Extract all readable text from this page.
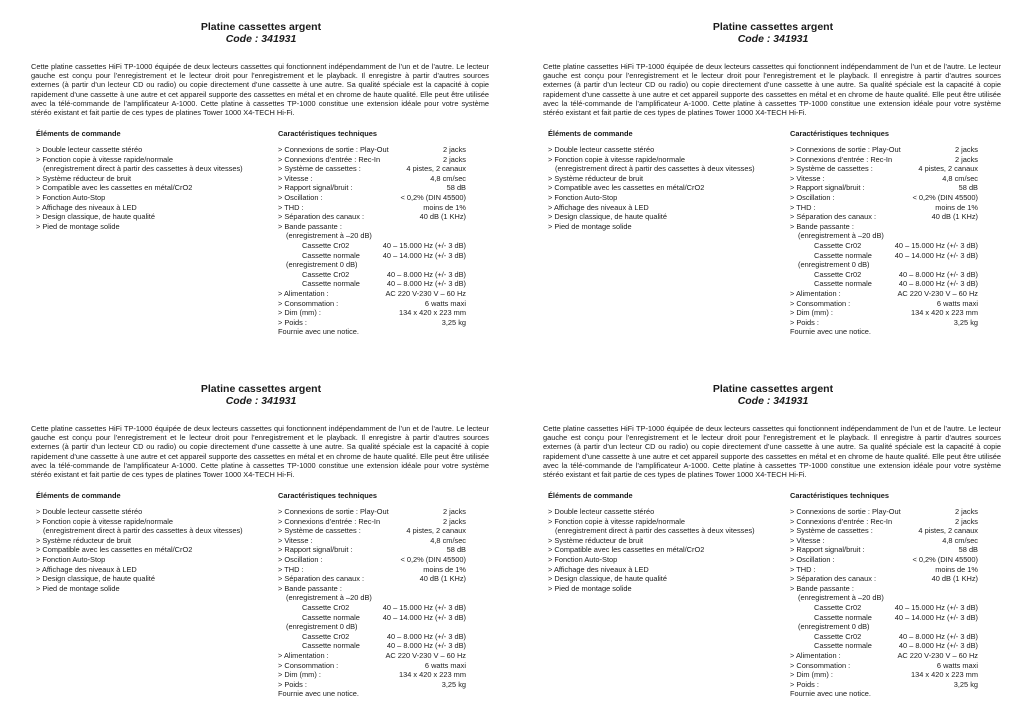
Platine cassettes argent
Code : 341931
Cette platine cassettes HiFi TP-1000 équipée de deux lecteurs cassettes qui fonctionnent indépendamment de l’un et de l’autre. Le lecteur gauche est conçu pour l’enregistrement et le lecteur droit pour l’enregistrement et le playback. Il enregistre à partir d’autres sources externes (à partir d’un lecteur CD ou radio) ou copie directement d’une cassette à une autre. Sa qualité spéciale est la capacité à copie rapidement d’une cassette à une autre et cet appareil supporte des cassettes en métal et en chrome de haute qualité. Elle peut être utilisée avec la télé-commande de l’amplificateur A-1000. Cette platine à cassettes TP-1000 constitue une extension idéale pour votre système stéréo existant et fait partie de ces types de platines Tower 1000 X4-TECH Hi-Fi.
Éléments de commande	Caractéristiques techniques
> Double lecteur cassette stéréo
> Fonction copie à vitesse rapide/normale
(enregistrement direct à partir des cassettes à deux vitesses)
> Système réducteur de bruit
> Compatible avec les cassettes en métal/CrO2
> Fonction Auto-Stop
> Affichage des niveaux à LED
> Design classique, de haute qualité
> Pied de montage solide
> Connexions de sortie : Play-Out	2 jacks
> Connexions d’entrée : Rec-In	2 jacks
> Système de cassettes :	4 pistes, 2 canaux
> Vitesse :	4,8 cm/sec
> Rapport signal/bruit :	58 dB
> Oscillation :	< 0,2% (DIN 45500)
> THD :	moins de 1%
> Séparation des canaux :	40 dB (1 KHz)
> Bande passante :
(enregistrement à –20 dB)
Cassette Cr02	40 – 15.000 Hz (+/- 3 dB)
Cassette normale	40 – 14.000 Hz (+/- 3 dB)
(enregistrement 0 dB)
Cassette Cr02	40 – 8.000 Hz (+/- 3 dB)
Cassette normale	40 – 8.000 Hz (+/- 3 dB)
> Alimentation :	AC 220 V-230 V – 60 Hz
> Consommation :	6 watts maxi
> Dim (mm) :	134 x 420 x 223 mm
> Poids :	3,25 kg
Fournie avec une notice.
Platine cassettes argent
Code : 341931
Cette platine cassettes HiFi TP-1000 équipée de deux lecteurs cassettes qui fonctionnent indépendamment de l’un et de l’autre. Le lecteur gauche est conçu pour l’enregistrement et le lecteur droit pour l’enregistrement et le playback. Il enregistre à partir d’autres sources externes (à partir d’un lecteur CD ou radio) ou copie directement d’une cassette à une autre. Sa qualité spéciale est la capacité à copie rapidement d’une cassette à une autre et cet appareil supporte des cassettes en métal et en chrome de haute qualité. Elle peut être utilisée avec la télé-commande de l’amplificateur A-1000. Cette platine à cassettes TP-1000 constitue une extension idéale pour votre système stéréo existant et fait partie de ces types de platines Tower 1000 X4-TECH Hi-Fi.
Éléments de commande	Caractéristiques techniques
> Double lecteur cassette stéréo
> Fonction copie à vitesse rapide/normale
(enregistrement direct à partir des cassettes à deux vitesses)
> Système réducteur de bruit
> Compatible avec les cassettes en métal/CrO2
> Fonction Auto-Stop
> Affichage des niveaux à LED
> Design classique, de haute qualité
> Pied de montage solide
> Connexions de sortie : Play-Out	2 jacks
> Connexions d’entrée : Rec-In	2 jacks
> Système de cassettes :	4 pistes, 2 canaux
> Vitesse :	4,8 cm/sec
> Rapport signal/bruit :	58 dB
> Oscillation :	< 0,2% (DIN 45500)
> THD :	moins de 1%
> Séparation des canaux :	40 dB (1 KHz)
> Bande passante :
(enregistrement à –20 dB)
Cassette Cr02	40 – 15.000 Hz (+/- 3 dB)
Cassette normale	40 – 14.000 Hz (+/- 3 dB)
(enregistrement 0 dB)
Cassette Cr02	40 – 8.000 Hz (+/- 3 dB)
Cassette normale	40 – 8.000 Hz (+/- 3 dB)
> Alimentation :	AC 220 V-230 V – 60 Hz
> Consommation :	6 watts maxi
> Dim (mm) :	134 x 420 x 223 mm
> Poids :	3,25 kg
Fournie avec une notice.
Platine cassettes argent
Code : 341931
Cette platine cassettes HiFi TP-1000 équipée de deux lecteurs cassettes qui fonctionnent indépendamment de l’un et de l’autre. Le lecteur gauche est conçu pour l’enregistrement et le lecteur droit pour l’enregistrement et le playback. Il enregistre à partir d’autres sources externes (à partir d’un lecteur CD ou radio) ou copie directement d’une cassette à une autre. Sa qualité spéciale est la capacité à copie rapidement d’une cassette à une autre et cet appareil supporte des cassettes en métal et en chrome de haute qualité. Elle peut être utilisée avec la télé-commande de l’amplificateur A-1000. Cette platine à cassettes TP-1000 constitue une extension idéale pour votre système stéréo existant et fait partie de ces types de platines Tower 1000 X4-TECH Hi-Fi.
Éléments de commande	Caractéristiques techniques
> Double lecteur cassette stéréo
> Fonction copie à vitesse rapide/normale
(enregistrement direct à partir des cassettes à deux vitesses)
> Système réducteur de bruit
> Compatible avec les cassettes en métal/CrO2
> Fonction Auto-Stop
> Affichage des niveaux à LED
> Design classique, de haute qualité
> Pied de montage solide
> Connexions de sortie : Play-Out	2 jacks
> Connexions d’entrée : Rec-In	2 jacks
> Système de cassettes :	4 pistes, 2 canaux
> Vitesse :	4,8 cm/sec
> Rapport signal/bruit :	58 dB
> Oscillation :	< 0,2% (DIN 45500)
> THD :	moins de 1%
> Séparation des canaux :	40 dB (1 KHz)
> Bande passante :
(enregistrement à –20 dB)
Cassette Cr02	40 – 15.000 Hz (+/- 3 dB)
Cassette normale	40 – 14.000 Hz (+/- 3 dB)
(enregistrement 0 dB)
Cassette Cr02	40 – 8.000 Hz (+/- 3 dB)
Cassette normale	40 – 8.000 Hz (+/- 3 dB)
> Alimentation :	AC 220 V-230 V – 60 Hz
> Consommation :	6 watts maxi
> Dim (mm) :	134 x 420 x 223 mm
> Poids :	3,25 kg
Fournie avec une notice.
Platine cassettes argent
Code : 341931
Cette platine cassettes HiFi TP-1000 équipée de deux lecteurs cassettes qui fonctionnent indépendamment de l’un et de l’autre. Le lecteur gauche est conçu pour l’enregistrement et le lecteur droit pour l’enregistrement et le playback. Il enregistre à partir d’autres sources externes (à partir d’un lecteur CD ou radio) ou copie directement d’une cassette à une autre. Sa qualité spéciale est la capacité à copie rapidement d’une cassette à une autre et cet appareil supporte des cassettes en métal et en chrome de haute qualité. Elle peut être utilisée avec la télé-commande de l’amplificateur A-1000. Cette platine à cassettes TP-1000 constitue une extension idéale pour votre système stéréo existant et fait partie de ces types de platines Tower 1000 X4-TECH Hi-Fi.
Éléments de commande	Caractéristiques techniques
> Double lecteur cassette stéréo
> Fonction copie à vitesse rapide/normale
(enregistrement direct à partir des cassettes à deux vitesses)
> Système réducteur de bruit
> Compatible avec les cassettes en métal/CrO2
> Fonction Auto-Stop
> Affichage des niveaux à LED
> Design classique, de haute qualité
> Pied de montage solide
> Connexions de sortie : Play-Out	2 jacks
> Connexions d’entrée : Rec-In	2 jacks
> Système de cassettes :	4 pistes, 2 canaux
> Vitesse :	4,8 cm/sec
> Rapport signal/bruit :	58 dB
> Oscillation :	< 0,2% (DIN 45500)
> THD :	moins de 1%
> Séparation des canaux :	40 dB (1 KHz)
> Bande passante :
(enregistrement à –20 dB)
Cassette Cr02	40 – 15.000 Hz (+/- 3 dB)
Cassette normale	40 – 14.000 Hz (+/- 3 dB)
(enregistrement 0 dB)
Cassette Cr02	40 – 8.000 Hz (+/- 3 dB)
Cassette normale	40 – 8.000 Hz (+/- 3 dB)
> Alimentation :	AC 220 V-230 V – 60 Hz
> Consommation :	6 watts maxi
> Dim (mm) :	134 x 420 x 223 mm
> Poids :	3,25 kg
Fournie avec une notice.
